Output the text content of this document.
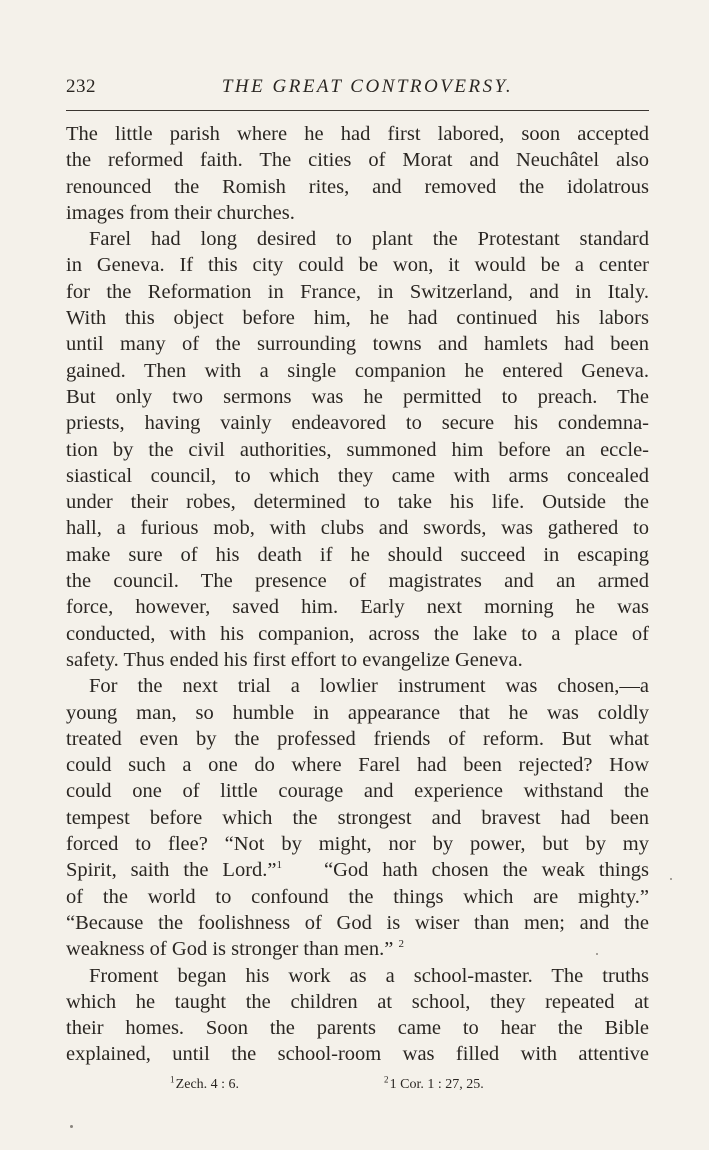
232	THE GREAT CONTROVERSY.

The little parish where he had first labored, soon accepted
the reformed faith. The cities of Morat and Neuchâtel also
renounced the Romish rites, and removed the idolatrous
images from their churches.

Farel had long desired to plant the Protestant standard
in Geneva. If this city could be won, it would be a center
for the Reformation in France, in Switzerland, and in Italy.
With this object before him, he had continued his labors
until many of the surrounding towns and hamlets had been
gained. Then with a single companion he entered Geneva.
But only two sermons was he permitted to preach. The
priests, having vainly endeavored to secure his condemna-
tion by the civil authorities, summoned him before an eccle-
siastical council, to which they came with arms concealed
under their robes, determined to take his life. Outside the
hall, a furious mob, with clubs and swords, was gathered to
make sure of his death if he should succeed in escaping
the council. The presence of magistrates and an armed
force, however, saved him. Early next morning he was
conducted, with his companion, across the lake to a place of
safety. Thus ended his first effort to evangelize Geneva.

For the next trial a lowlier instrument was chosen,—a
young man, so humble in appearance that he was coldly
treated even by the professed friends of reform. But what
could such a one do where Farel had been rejected? How
could one of little courage and experience withstand the
tempest before which the strongest and bravest had been
forced to flee? “Not by might, nor by power, but by my
Spirit, saith the Lord.”$^1$ “God hath chosen the weak things
of the world to confound the things which are mighty.”
“Because the foolishness of God is wiser than men; and the
weakness of God is stronger than men.” $^2$

Froment began his work as a school-master. The truths
which he taught the children at school, they repeated at
their homes. Soon the parents came to hear the Bible
explained, until the school-room was filled with attentive

$^1$ Zech. 4 : 6.	$^2$ 1 Cor. 1 : 27, 25.
